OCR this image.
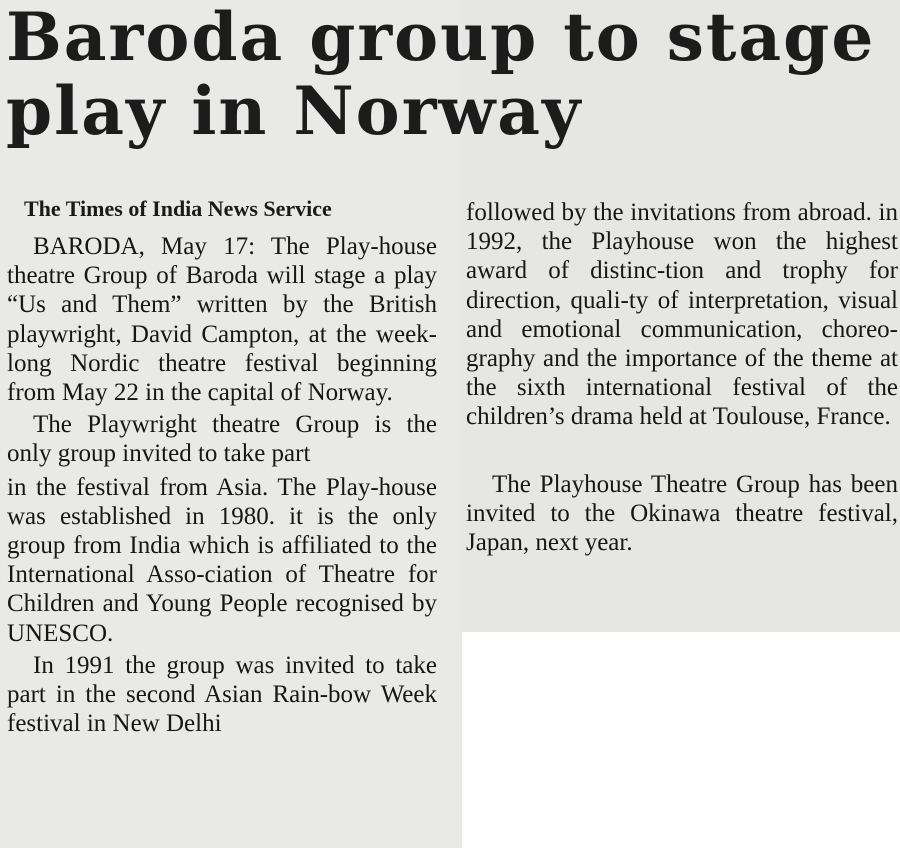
Baroda group to stage
play in Norway
The Times of India News Service

BARODA, May 17: The Play-house theatre Group of Baroda will stage a play “Us and Them” written by the British playwright, David Campton, at the week-long Nordic theatre festival beginning from May 22 in the capital of Norway.

The Playwright theatre Group is the only group invited to take part

in the festival from Asia. The Play-house was established in 1980. it is the only group from India which is affiliated to the International Asso-ciation of Theatre for Children and Young People recognised by UNESCO.

In 1991 the group was invited to take part in the second Asian Rain-bow Week festival in New Delhi

followed by the invitations from abroad. in 1992, the Playhouse won the highest award of distinc-tion and trophy for direction, quali-ty of interpretation, visual and emotional communication, choreo-graphy and the importance of the theme at the sixth international festival of the children’s drama held at Toulouse, France.

The Playhouse Theatre Group has been invited to the Okinawa theatre festival, Japan, next year.
